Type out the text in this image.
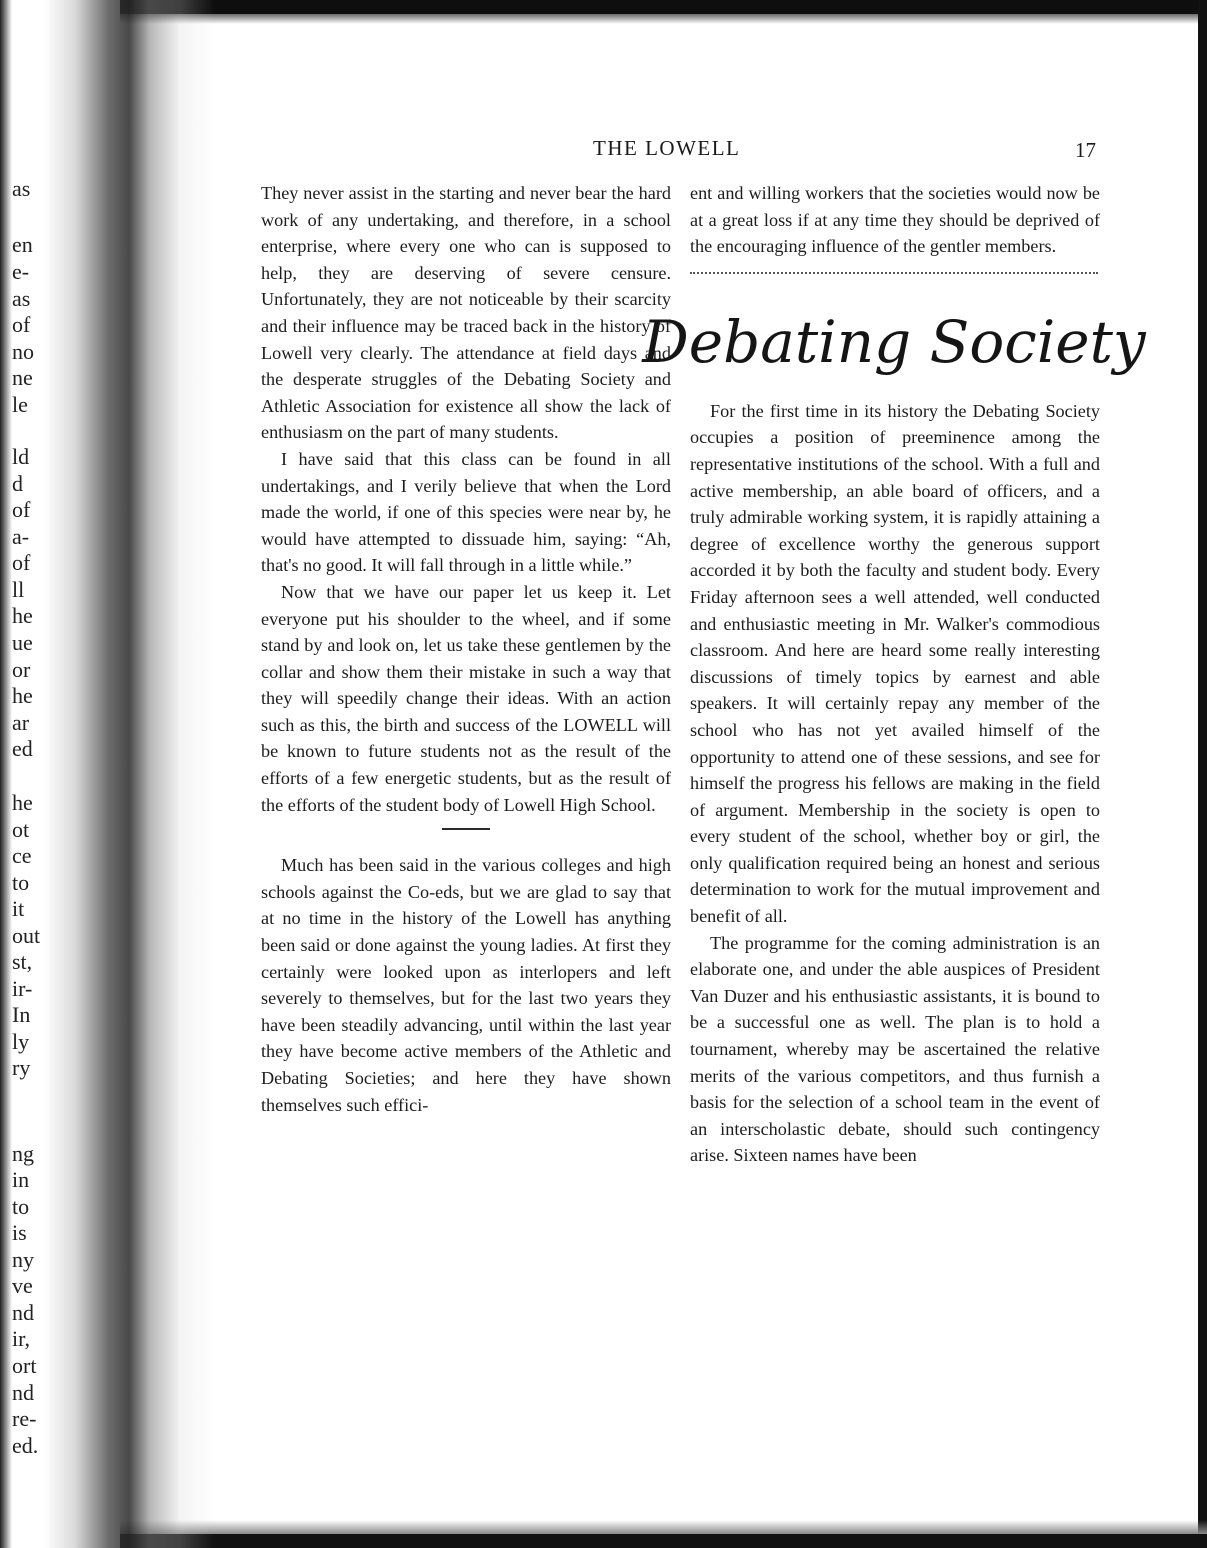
as
en
e-
as
of
no
ne
le
ld
d
of
a-
of
ll
he
ue
or
he
ar
ed
he
ot
ce
to
it
out
st,
ir-
In
ly
ry
ng
in
to
is
ny
ve
nd
ir,
ort
nd
re-
ed.
THE LOWELL	17

They never assist in the starting and never bear the hard work of any undertaking, and therefore, in a school enterprise, where every one who can is supposed to help, they are deserving of severe censure. Unfortunately, they are not noticeable by their scarcity and their influence may be traced back in the history of Lowell very clearly. The attendance at field days and the desperate struggles of the Debating Society and Athletic Association for existence all show the lack of enthusiasm on the part of many students.

I have said that this class can be found in all undertakings, and I verily believe that when the Lord made the world, if one of this species were near by, he would have attempted to dissuade him, saying: “Ah, that's no good. It will fall through in a little while.”

Now that we have our paper let us keep it. Let everyone put his shoulder to the wheel, and if some stand by and look on, let us take these gentlemen by the collar and show them their mistake in such a way that they will speedily change their ideas. With an action such as this, the birth and success of the LOWELL will be known to future students not as the result of the efforts of a few energetic students, but as the result of the efforts of the student body of Lowell High School.

Much has been said in the various colleges and high schools against the Co-eds, but we are glad to say that at no time in the history of the Lowell has anything been said or done against the young ladies. At first they certainly were looked upon as interlopers and left severely to themselves, but for the last two years they have been steadily advancing, until within the last year they have become active members of the Athletic and Debating Societies; and here they have shown themselves such effici-

ent and willing workers that the societies would now be at a great loss if at any time they should be deprived of the encouraging influence of the gentler members.

Debating Society

For the first time in its history the Debating Society occupies a position of preeminence among the representative institutions of the school. With a full and active membership, an able board of officers, and a truly admirable working system, it is rapidly attaining a degree of excellence worthy the generous support accorded it by both the faculty and student body. Every Friday afternoon sees a well attended, well conducted and enthusiastic meeting in Mr. Walker's commodious classroom. And here are heard some really interesting discussions of timely topics by earnest and able speakers. It will certainly repay any member of the school who has not yet availed himself of the opportunity to attend one of these sessions, and see for himself the progress his fellows are making in the field of argument. Membership in the society is open to every student of the school, whether boy or girl, the only qualification required being an honest and serious determination to work for the mutual improvement and benefit of all.

The programme for the coming administration is an elaborate one, and under the able auspices of President Van Duzer and his enthusiastic assistants, it is bound to be a successful one as well. The plan is to hold a tournament, whereby may be ascertained the relative merits of the various competitors, and thus furnish a basis for the selection of a school team in the event of an interscholastic debate, should such contingency arise. Sixteen names have been
